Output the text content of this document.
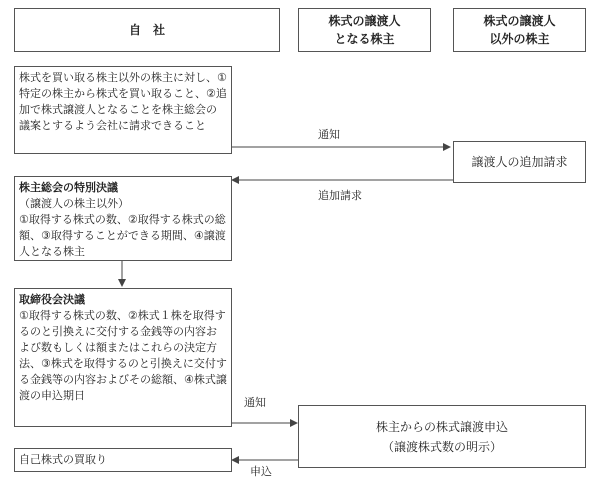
自　社
株式の譲渡人
となる株主
株式の譲渡人
以外の株主
株式を買い取る株主以外の株主に対し、①特定の株主から株式を買い取ること、②追加で株式譲渡人となることを株主総会の議案とするよう会社に請求できること
株主総会の特別決議（譲渡人の株主以外）
①取得する株式の数、②取得する株式の総額、③取得することができる期間、④譲渡人となる株主
取締役会決議
①取得する株式の数、②株式１株を取得するのと引換えに交付する金銭等の内容および数もしくは額またはこれらの決定方法、③株式を取得するのと引換えに交付する金銭等の内容およびその総額、④株式譲渡の申込期日
自己株式の買取り
譲渡人の追加請求
株主からの株式譲渡申込
（譲渡株式数の明示）
通知
追加請求
通知
申込
